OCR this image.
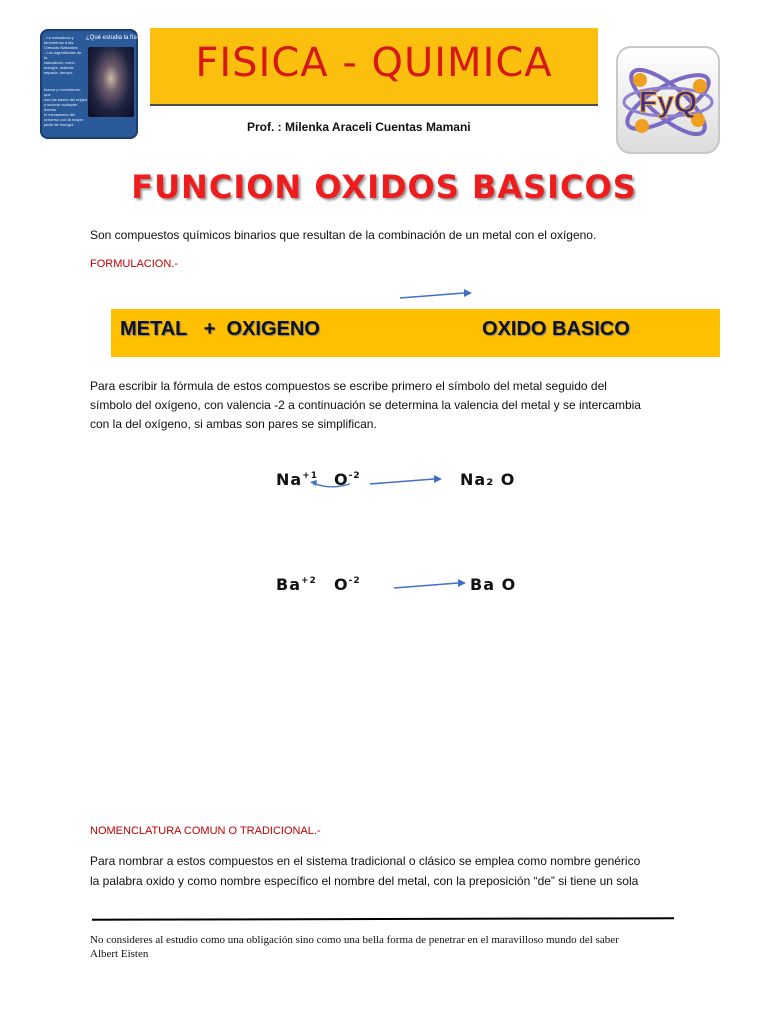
¿Qué estudia la física?
- La naturaleza y
fenómenos a las
Ciencias Naturales
- Los ingredientes de la
naturaleza, como
energía, materia,
espacio, tiempo,
fuerza y movimiento, que
son las bases del origen
y sucede cualquier evento
el mecanismo del
universo con la mayor
parte de energía
FISICA - QUIMICA
Prof. : Milenka Araceli Cuentas Mamani
FyQ
FUNCION OXIDOS BASICOS
Son compuestos químicos binarios que resultan de la combinación de un metal con el oxígeno.
FORMULACION.-
METAL   +  OXIGENO	OXIDO BASICO
Para escribir la fórmula de estos compuestos se escribe primero el símbolo del metal seguido del
símbolo del oxígeno, con valencia -2 a continuación se determina la valencia del metal y se intercambia
con la del oxígeno, si ambas son pares se simplifican.
$Na^{+1}$ $O^{-2}$	Na₂ O
$Ba^{+2}$ $O^{-2}$	Ba O
NOMENCLATURA COMUN O TRADICIONAL.-
Para nombrar a estos compuestos en el sistema tradicional o clásico se emplea como nombre genérico
la palabra oxido y como nombre específico el nombre del metal, con la preposición “de” si tiene un sola
No consideres al estudio como una obligación sino como una bella forma de penetrar en el maravilloso mundo del saber
Albert Eisten
